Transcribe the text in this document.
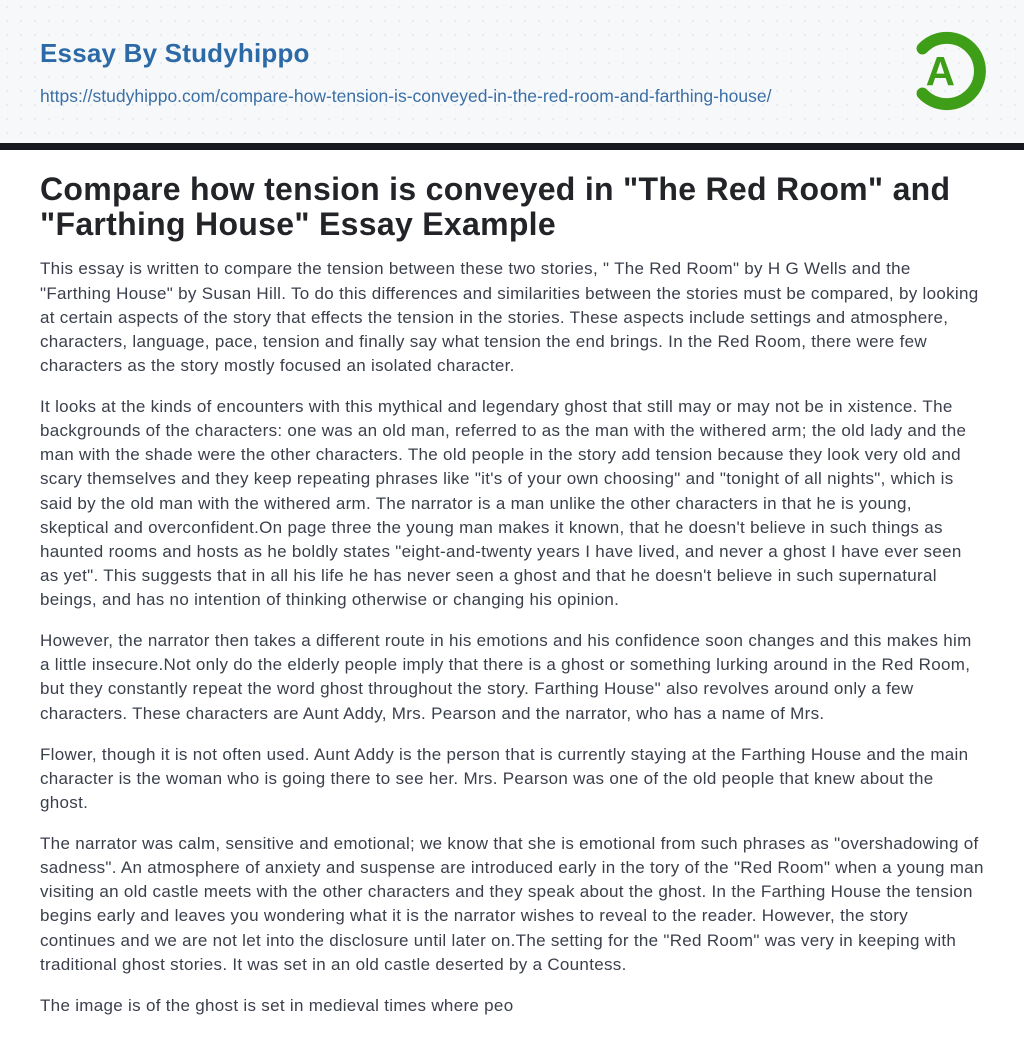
Essay By Studyhippo
https://studyhippo.com/compare-how-tension-is-conveyed-in-the-red-room-and-farthing-house/
A
Compare how tension is conveyed in "The Red Room" and "Farthing House" Essay Example

This essay is written to compare the tension between these two stories, " The Red Room" by H G Wells and the "Farthing House" by Susan Hill. To do this differences and similarities between the stories must be compared, by looking at certain aspects of the story that effects the tension in the stories. These aspects include settings and atmosphere, characters, language, pace, tension and finally say what tension the end brings. In the Red Room, there were few characters as the story mostly focused an isolated character.

It looks at the kinds of encounters with this mythical and legendary ghost that still may or may not be in xistence. The backgrounds of the characters: one was an old man, referred to as the man with the withered arm; the old lady and the man with the shade were the other characters. The old people in the story add tension because they look very old and scary themselves and they keep repeating phrases like "it's of your own choosing" and "tonight of all nights", which is said by the old man with the withered arm. The narrator is a man unlike the other characters in that he is young, skeptical and overconfident.On page three the young man makes it known, that he doesn't believe in such things as haunted rooms and hosts as he boldly states "eight-and-twenty years I have lived, and never a ghost I have ever seen as yet". This suggests that in all his life he has never seen a ghost and that he doesn't believe in such supernatural beings, and has no intention of thinking otherwise or changing his opinion.

However, the narrator then takes a different route in his emotions and his confidence soon changes and this makes him a little insecure.Not only do the elderly people imply that there is a ghost or something lurking around in the Red Room, but they constantly repeat the word ghost throughout the story. Farthing House" also revolves around only a few characters. These characters are Aunt Addy, Mrs. Pearson and the narrator, who has a name of Mrs.

Flower, though it is not often used. Aunt Addy is the person that is currently staying at the Farthing House and the main character is the woman who is going there to see her. Mrs. Pearson was one of the old people that knew about the ghost.

The narrator was calm, sensitive and emotional; we know that she is emotional from such phrases as "overshadowing of sadness". An atmosphere of anxiety and suspense are introduced early in the tory of the "Red Room" when a young man visiting an old castle meets with the other characters and they speak about the ghost. In the Farthing House the tension begins early and leaves you wondering what it is the narrator wishes to reveal to the reader. However, the story continues and we are not let into the disclosure until later on.The setting for the "Red Room" was very in keeping with traditional ghost stories. It was set in an old castle deserted by a Countess.

The image is of the ghost is set in medieval times where peo
